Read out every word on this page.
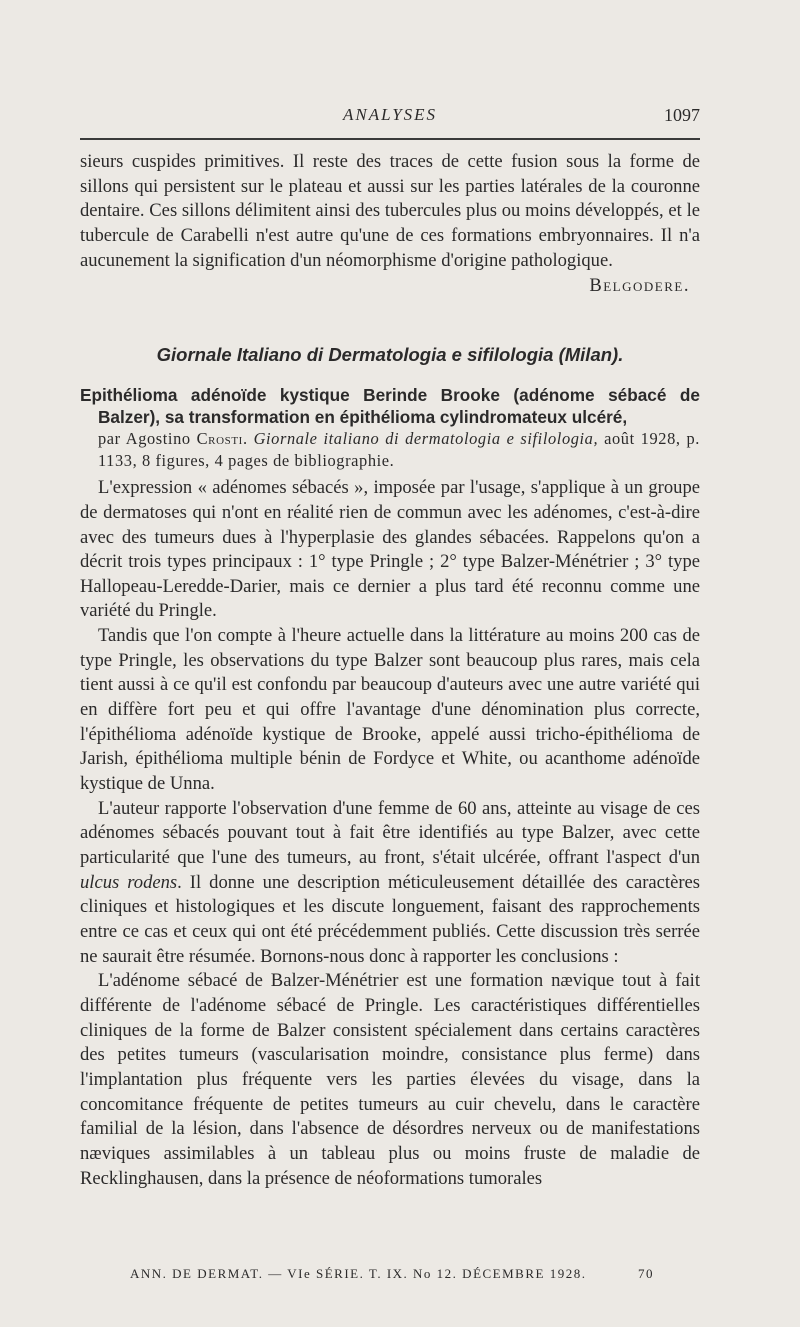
ANALYSES	1097

sieurs cuspides primitives. Il reste des traces de cette fusion sous la forme de sillons qui persistent sur le plateau et aussi sur les parties latérales de la couronne dentaire. Ces sillons délimitent ainsi des tubercules plus ou moins développés, et le tubercule de Carabelli n'est autre qu'une de ces formations embryonnaires. Il n'a aucunement la signification d'un néomorphisme d'origine pathologique.

Belgodere.

Giornale Italiano di Dermatologia e sifilologia (Milan).

Epithélioma adénoïde kystique Berinde Brooke (adénome sébacé de Balzer), sa transformation en épithélioma cylindromateux ulcéré,

par Agostino Crosti. Giornale italiano di dermatologia e sifilologia, août 1928, p. 1133, 8 figures, 4 pages de bibliographie.

L'expression « adénomes sébacés », imposée par l'usage, s'applique à un groupe de dermatoses qui n'ont en réalité rien de commun avec les adénomes, c'est-à-dire avec des tumeurs dues à l'hyperplasie des glandes sébacées. Rappelons qu'on a décrit trois types principaux : 1° type Pringle ; 2° type Balzer-Ménétrier ; 3° type Hallopeau-Leredde-Darier, mais ce dernier a plus tard été reconnu comme une variété du Pringle.

Tandis que l'on compte à l'heure actuelle dans la littérature au moins 200 cas de type Pringle, les observations du type Balzer sont beaucoup plus rares, mais cela tient aussi à ce qu'il est confondu par beaucoup d'auteurs avec une autre variété qui en diffère fort peu et qui offre l'avantage d'une dénomination plus correcte, l'épithélioma adénoïde kystique de Brooke, appelé aussi tricho-épithélioma de Jarish, épithélioma multiple bénin de Fordyce et White, ou acanthome adénoïde kystique de Unna.

L'auteur rapporte l'observation d'une femme de 60 ans, atteinte au visage de ces adénomes sébacés pouvant tout à fait être identifiés au type Balzer, avec cette particularité que l'une des tumeurs, au front, s'était ulcérée, offrant l'aspect d'un ulcus rodens. Il donne une description méticuleusement détaillée des caractères cliniques et histologiques et les discute longuement, faisant des rapprochements entre ce cas et ceux qui ont été précédemment publiés. Cette discussion très serrée ne saurait être résumée. Bornons-nous donc à rapporter les conclusions :

L'adénome sébacé de Balzer-Ménétrier est une formation nævique tout à fait différente de l'adénome sébacé de Pringle. Les caractéristiques différentielles cliniques de la forme de Balzer consistent spécialement dans certains caractères des petites tumeurs (vascularisation moindre, consistance plus ferme) dans l'implantation plus fréquente vers les parties élevées du visage, dans la concomitance fréquente de petites tumeurs au cuir chevelu, dans le caractère familial de la lésion, dans l'absence de désordres nerveux ou de manifestations næviques assimilables à un tableau plus ou moins fruste de maladie de Recklinghausen, dans la présence de néoformations tumorales

ANN. DE DERMAT. — VIe SÉRIE. T. IX. No 12. DÉCEMBRE 1928.	70
